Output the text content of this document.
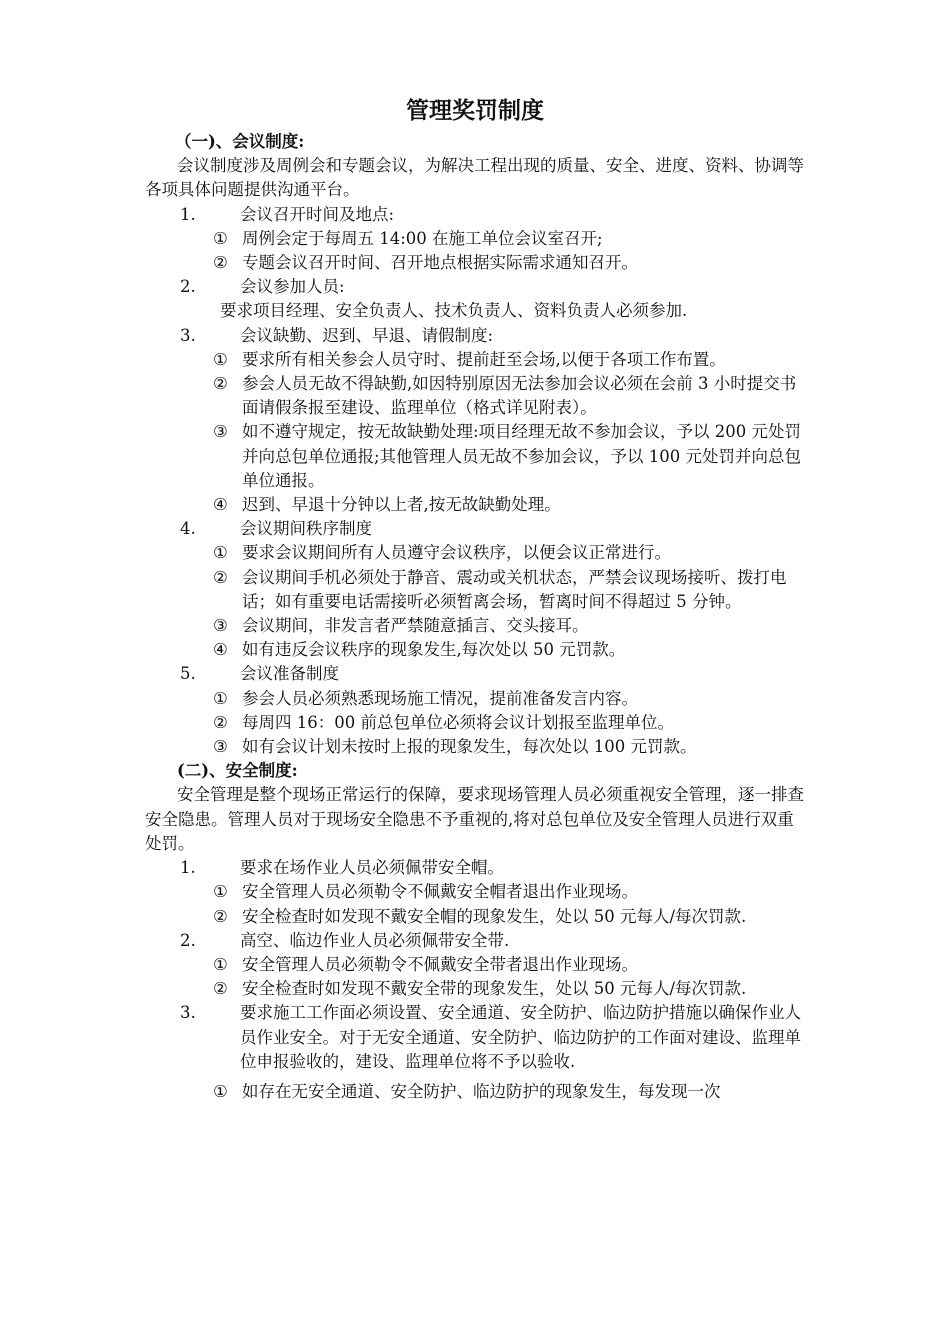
管理奖罚制度
（一)、会议制度:
会议制度涉及周例会和专题会议，为解决工程出现的质量、安全、进度、资料、协调等各项具体问题提供沟通平台。
1.	会议召开时间及地点:
① 周例会定于每周五 14:00 在施工单位会议室召开;
② 专题会议召开时间、召开地点根据实际需求通知召开。
2.	会议参加人员:
要求项目经理、安全负责人、技术负责人、资料负责人必须参加.
3.	会议缺勤、迟到、早退、请假制度:
① 要求所有相关参会人员守时、提前赶至会场,以便于各项工作布置。
② 参会人员无故不得缺勤,如因特别原因无法参加会议必须在会前 3 小时提交书面请假条报至建设、监理单位（格式详见附表）。
③ 如不遵守规定，按无故缺勤处理:项目经理无故不参加会议，予以 200 元处罚并向总包单位通报;其他管理人员无故不参加会议，予以 100 元处罚并向总包单位通报。
④ 迟到、早退十分钟以上者,按无故缺勤处理。
4.	会议期间秩序制度
① 要求会议期间所有人员遵守会议秩序，以便会议正常进行。
② 会议期间手机必须处于静音、震动或关机状态，严禁会议现场接听、拨打电话；如有重要电话需接听必须暂离会场，暂离时间不得超过 5 分钟。
③ 会议期间，非发言者严禁随意插言、交头接耳。
④ 如有违反会议秩序的现象发生,每次处以 50 元罚款。
5.	会议准备制度
① 参会人员必须熟悉现场施工情况，提前准备发言内容。
② 每周四 16：00 前总包单位必须将会议计划报至监理单位。
③ 如有会议计划未按时上报的现象发生，每次处以 100 元罚款。
(二)、安全制度:
安全管理是整个现场正常运行的保障，要求现场管理人员必须重视安全管理，逐一排查安全隐患。管理人员对于现场安全隐患不予重视的,将对总包单位及安全管理人员进行双重处罚。
1.	要求在场作业人员必须佩带安全帽。
① 安全管理人员必须勒令不佩戴安全帽者退出作业现场。
② 安全检查时如发现不戴安全帽的现象发生，处以 50 元每人/每次罚款.
2.	高空、临边作业人员必须佩带安全带.
① 安全管理人员必须勒令不佩戴安全带者退出作业现场。
② 安全检查时如发现不戴安全带的现象发生，处以 50 元每人/每次罚款.
3.	要求施工工作面必须设置、安全通道、安全防护、临边防护措施以确保作业人员作业安全。对于无安全通道、安全防护、临边防护的工作面对建设、监理单位申报验收的，建设、监理单位将不予以验收.
① 如存在无安全通道、安全防护、临边防护的现象发生，每发现一次
